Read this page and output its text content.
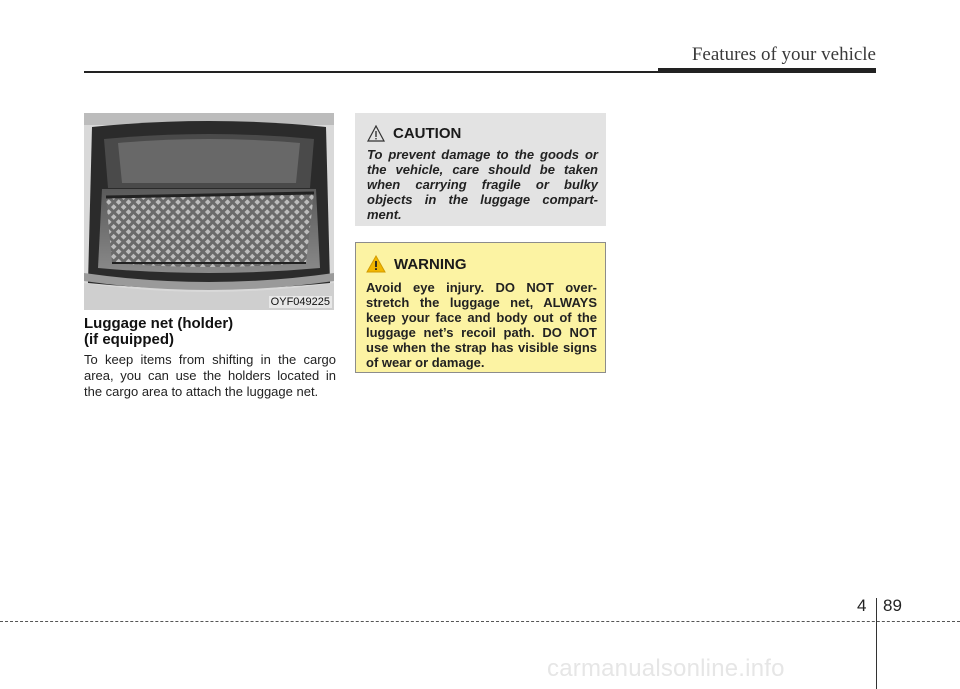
Features of your vehicle
OYF049225
Luggage net (holder)
(if equipped)
To keep items from shifting in the cargo area, you can use the holders located in the cargo area to attach the luggage net.
CAUTION
To prevent damage to the goods or the vehicle, care should be taken when carrying fragile or bulky objects in the luggage compart-ment.
WARNING
Avoid eye injury. DO NOT over-stretch the luggage net, ALWAYS keep your face and body out of the luggage net’s recoil path. DO NOT use when the strap has visible signs of wear or damage.
4 89
carmanualsonline.info
